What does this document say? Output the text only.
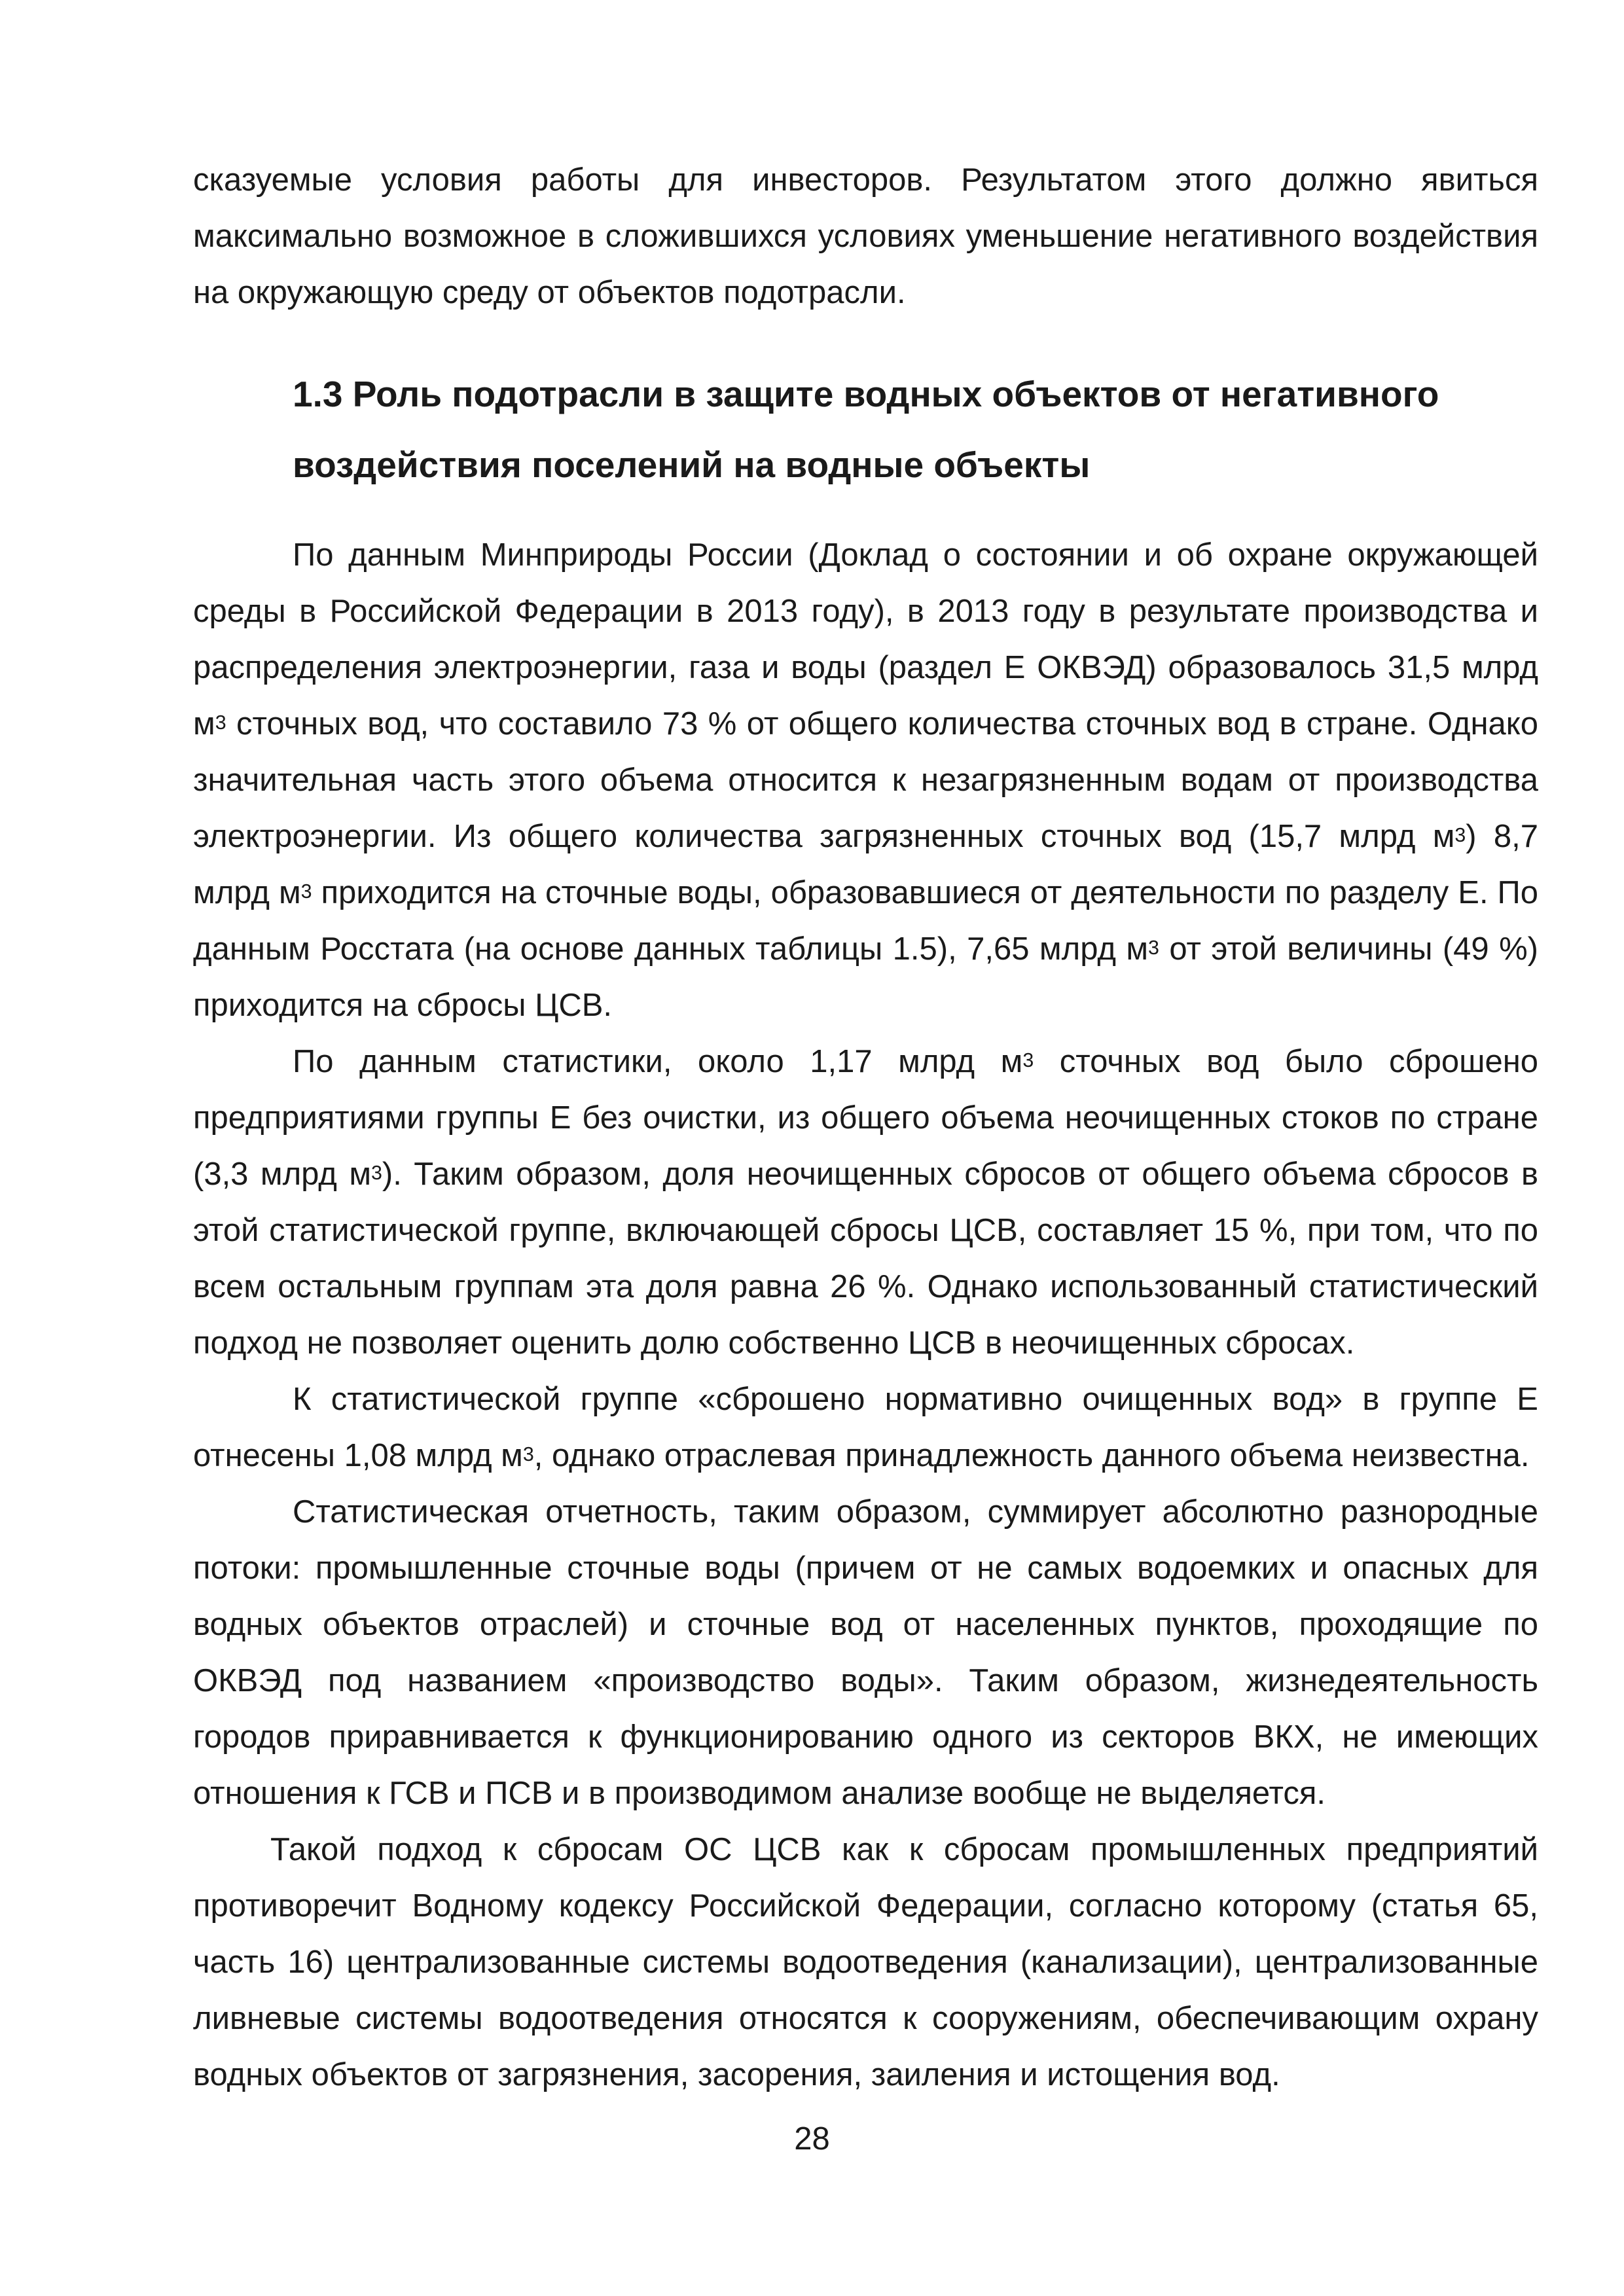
сказуемые условия работы для инвесторов. Результатом этого должно явиться максимально возможное в сложившихся условиях уменьшение негативного воздействия на окружающую среду от объектов подотрасли.

1.3 Роль подотрасли в защите водных объектов от негативного воздействия поселений на водные объекты

По данным Минприроды России (Доклад о состоянии и об охране окружающей среды в Российской Федерации в 2013 году), в 2013 году в результате производства и распределения электроэнергии, газа и воды (раздел Е ОКВЭД) образовалось 31,5 млрд $м^3$ сточных вод, что составило 73 % от общего количества сточных вод в стране. Однако значительная часть этого объема относится к незагрязненным водам от производства электроэнергии. Из общего количества загрязненных сточных вод (15,7 млрд $м^3$) 8,7 млрд $м^3$ приходится на сточные воды, образовавшиеся от деятельности по разделу Е. По данным Росстата (на основе данных таблицы 1.5), 7,65 млрд $м^3$ от этой величины (49 %) приходится на сбросы ЦСВ.

По данным статистики, около 1,17 млрд $м^3$ сточных вод было сброшено предприятиями группы Е без очистки, из общего объема неочищенных стоков по стране (3,3 млрд $м^3$). Таким образом, доля неочищенных сбросов от общего объема сбросов в этой статистической группе, включающей сбросы ЦСВ, составляет 15 %, при том, что по всем остальным группам эта доля равна 26 %. Однако использованный статистический подход не позволяет оценить долю собственно ЦСВ в неочищенных сбросах.

К статистической группе «сброшено нормативно очищенных вод» в группе Е отнесены 1,08 млрд $м^3$, однако отраслевая принадлежность данного объема неизвестна.

Статистическая отчетность, таким образом, суммирует абсолютно разнородные потоки: промышленные сточные воды (причем от не самых водоемких и опасных для водных объектов отраслей) и сточные вод от населенных пунктов, проходящие по ОКВЭД под названием «производство воды». Таким образом, жизнедеятельность городов приравнивается к функционированию одного из секторов ВКХ, не имеющих отношения к ГСВ и ПСВ и в производимом анализе вообще не выделяется.

Такой подход к сбросам ОС ЦСВ как к сбросам промышленных предприятий противоречит Водному кодексу Российской Федерации, согласно которому (статья 65, часть 16) централизованные системы водоотведения (канализации), централизованные ливневые системы водоотведения относятся к сооружениям, обеспечивающим охрану водных объектов от загрязнения, засорения, заиления и истощения вод.

28
